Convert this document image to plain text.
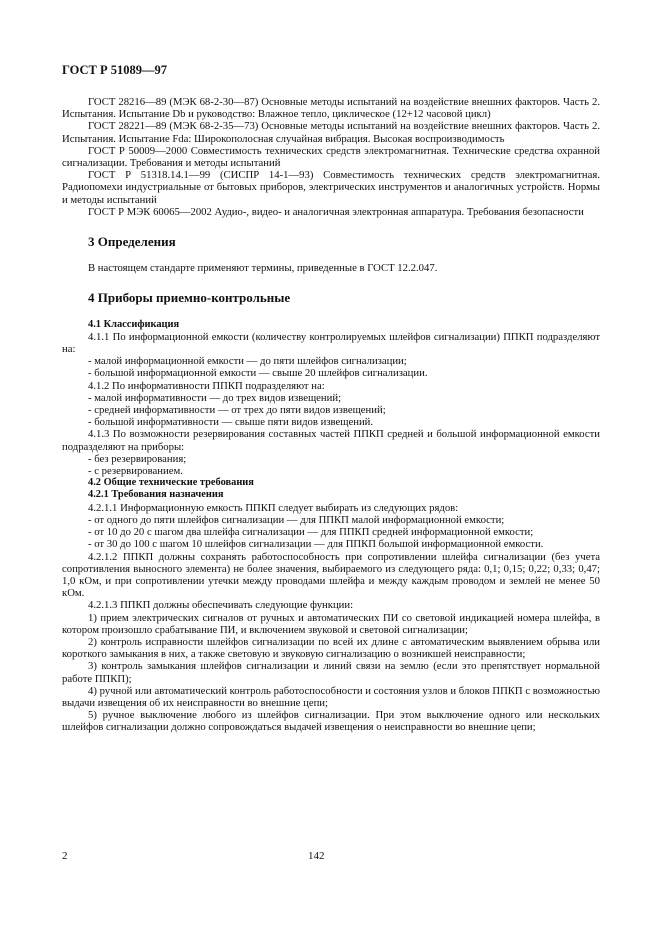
ГОСТ Р 51089—97

ГОСТ 28216—89 (МЭК 68-2-30—87) Основные методы испытаний на воздействие внешних факторов. Часть 2. Испытания. Испытание Db и руководство: Влажное тепло, циклическое (12+12 часовой цикл)

ГОСТ 28221—89 (МЭК 68-2-35—73) Основные методы испытаний на воздействие внешних факторов. Часть 2. Испытания. Испытание Fda: Широкополосная случайная вибрация. Высокая воспроизводимость

ГОСТ Р 50009—2000 Совместимость технических средств электромагнитная. Технические средства охранной сигнализации. Требования и методы испытаний

ГОСТ Р 51318.14.1—99 (СИСПР 14-1—93) Совместимость технических средств электромагнитная. Радиопомехи индустриальные от бытовых приборов, электрических инструментов и аналогичных устройств. Нормы и методы испытаний

ГОСТ Р МЭК 60065—2002 Аудио-, видео- и аналогичная электронная аппаратура. Требования безопасности

3 Определения

В настоящем стандарте применяют термины, приведенные в ГОСТ 12.2.047.

4 Приборы приемно-контрольные

4.1 Классификация

4.1.1 По информационной емкости (количеству контролируемых шлейфов сигнализации) ППКП подразделяют на:

- малой информационной емкости — до пяти шлейфов сигнализации;

- большой информационной емкости — свыше 20 шлейфов сигнализации.

4.1.2 По информативности ППКП подразделяют на:

- малой информативности — до трех видов извещений;

- средней информативности — от трех до пяти видов извещений;

- большой информативности — свыше пяти видов извещений.

4.1.3 По возможности резервирования составных частей ППКП средней и большой информационной емкости подразделяют на приборы:

- без резервирования;

- с резервированием.

4.2 Общие технические требования

4.2.1 Требования назначения

4.2.1.1 Информационную емкость ППКП следует выбирать из следующих рядов:

- от одного до пяти шлейфов сигнализации — для ППКП малой информационной емкости;

- от 10 до 20 с шагом два шлейфа сигнализации — для ППКП средней информационной емкости;

- от 30 до 100 с шагом 10 шлейфов сигнализации — для ППКП большой информационной емкости.

4.2.1.2 ППКП должны сохранять работоспособность при сопротивлении шлейфа сигнализации (без учета сопротивления выносного элемента) не более значения, выбираемого из следующего ряда: 0,1; 0,15; 0,22; 0,33; 0,47; 1,0 кОм, и при сопротивлении утечки между проводами шлейфа и между каждым проводом и землей не менее 50 кОм.

4.2.1.3 ППКП должны обеспечивать следующие функции:

1) прием электрических сигналов от ручных и автоматических ПИ со световой индикацией номера шлейфа, в котором произошло срабатывание ПИ, и включением звуковой и световой сигнализации;

2) контроль исправности шлейфов сигнализации по всей их длине с автоматическим выявлением обрыва или короткого замыкания в них, а также световую и звуковую сигнализацию о возникшей неисправности;

3) контроль замыкания шлейфов сигнализации и линий связи на землю (если это препятствует нормальной работе ППКП);

4) ручной или автоматический контроль работоспособности и состояния узлов и блоков ППКП с возможностью выдачи извещения об их неисправности во внешние цепи;

5) ручное выключение любого из шлейфов сигнализации. При этом выключение одного или нескольких шлейфов сигнализации должно сопровождаться выдачей извещения о неисправности во внешние цепи;

2	142
